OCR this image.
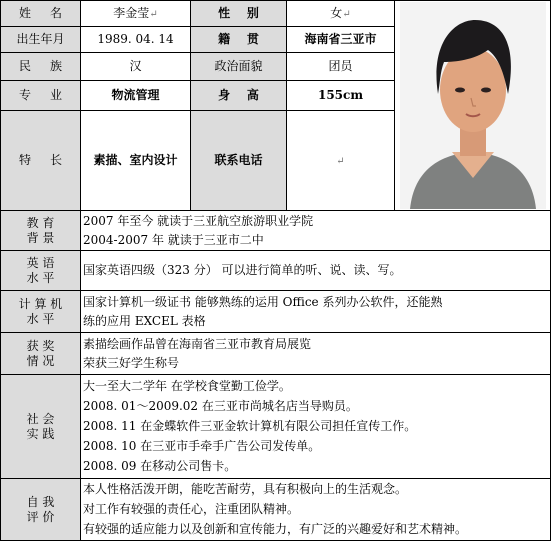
姓 名	李金莹↵	性 别	女↵	

出生年月	1989. 04. 14	籍 贯	海南省三亚市	
民 族	汉	政治面貌	团员	
专 业	物流管理	身 高	155cm	
特 长	素描、室内设计	联系电话	↵	

教 育
背 景	2007 年至今 就读于三亚航空旅游职业学院
2004-2007 年 就读于三亚市二中			

英 语
水 平	国家英语四级（323 分） 可以进行简单的听、说、读、写。			

计 算 机
水 平	国家计算机一级证书 能够熟练的运用 Office 系列办公软件，还能熟
练的应用 EXCEL 表格			

获 奖
情 况	素描绘画作品曾在海南省三亚市教育局展览
荣获三好学生称号			

社 会
实 践	大一至大二学年 在学校食堂勤工俭学。
2008. 01～2009.02 在三亚市尚城名店当导购员。
2008. 11 在金蝶软件三亚金软计算机有限公司担任宣传工作。
2008. 10 在三亚市手牵手广告公司发传单。
2008. 09 在移动公司售卡。			

自 我
评 价	本人性格活泼开朗，能吃苦耐劳，具有积极向上的生活观念。
对工作有较强的责任心，注重团队精神。
有较强的适应能力以及创新和宣传能力，有广泛的兴趣爱好和艺术精神。			
